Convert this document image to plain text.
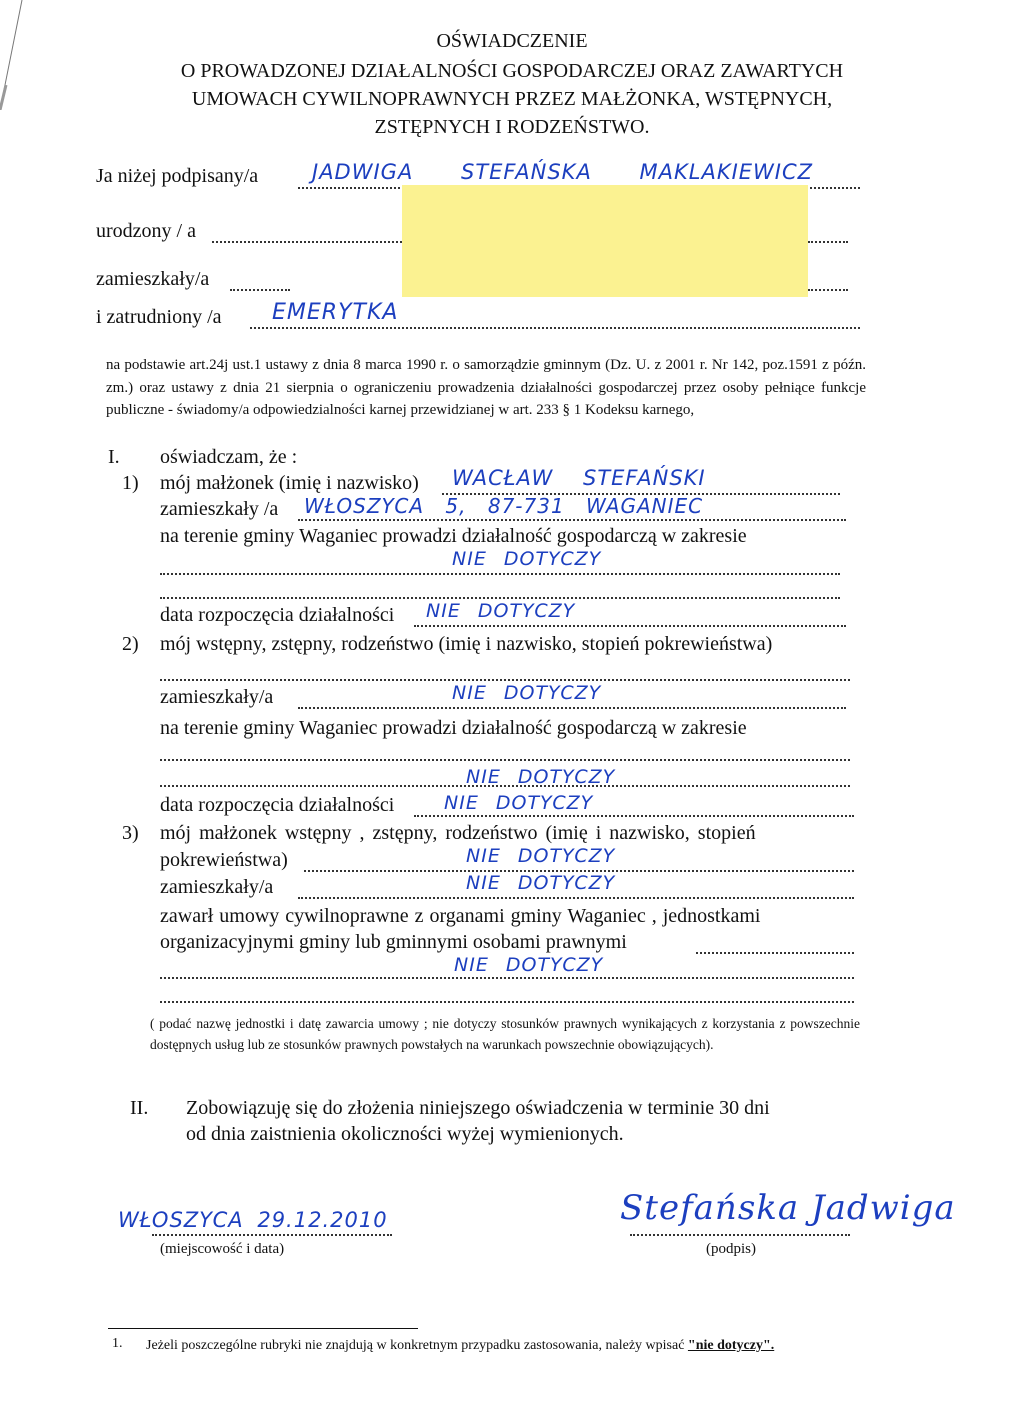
OŚWIADCZENIE
O PROWADZONEJ DZIAŁALNOŚCI GOSPODARCZEJ ORAZ ZAWARTYCH
UMOWACH CYWILNOPRAWNYCH PRZEZ MAŁŻONKA, WSTĘPNYCH,
ZSTĘPNYCH I RODZEŃSTWO.
Ja niżej podpisany/a	JADWIGA STEFAŃSKA MAKLAKIEWICZ
urodzony / a
zamieszkały/a
i zatrudniony /a EMERYTKA
na podstawie art.24j ust.1 ustawy z dnia 8 marca 1990 r. o samorządzie gminnym (Dz. U. z 2001 r. Nr 142, poz.1591 z późn. zm.) oraz ustawy z dnia 21 sierpnia o ograniczeniu prowadzenia działalności gospodarczej przez osoby pełniące funkcje publiczne - świadomy/a odpowiedzialności karnej przewidzianej w art. 233 § 1 Kodeksu karnego,
I. oświadczam, że :
1) mój małżonek (imię i nazwisko) WACŁAW STEFAŃSKI
zamieszkały /a WŁOSZYCA 5, 87-731 WAGANIEC
na terenie gminy Waganiec prowadzi działalność gospodarczą w zakresie
NIE DOTYCZY
data rozpoczęcia działalności NIE DOTYCZY
2) mój wstępny, zstępny, rodzeństwo (imię i nazwisko, stopień pokrewieństwa)
zamieszkały/a	NIE DOTYCZY
na terenie gminy Waganiec prowadzi działalność gospodarczą w zakresie
NIE DOTYCZY
data rozpoczęcia działalności	NIE DOTYCZY
3) mój małżonek wstępny , zstępny, rodzeństwo (imię i nazwisko, stopień
pokrewieństwa)	NIE DOTYCZY
zamieszkały/a	NIE DOTYCZY
zawarł umowy cywilnoprawne z organami gminy Waganiec , jednostkami
organizacyjnymi gminy lub gminnymi osobami prawnymi
NIE DOTYCZY
( podać nazwę jednostki i datę zawarcia umowy ; nie dotyczy stosunków prawnych wynikających z korzystania z powszechnie dostępnych usług lub ze stosunków prawnych powstałych na warunkach powszechnie obowiązujących).
II. Zobowiązuję się do złożenia niniejszego oświadczenia w terminie 30 dni
od dnia zaistnienia okoliczności wyżej wymienionych.
WŁOSZYCA 29.12.2010
(miejscowość i data)
Stefańska Jadwiga
(podpis)
1. Jeżeli poszczególne rubryki nie znajdują w konkretnym przypadku zastosowania, należy wpisać "nie dotyczy".
